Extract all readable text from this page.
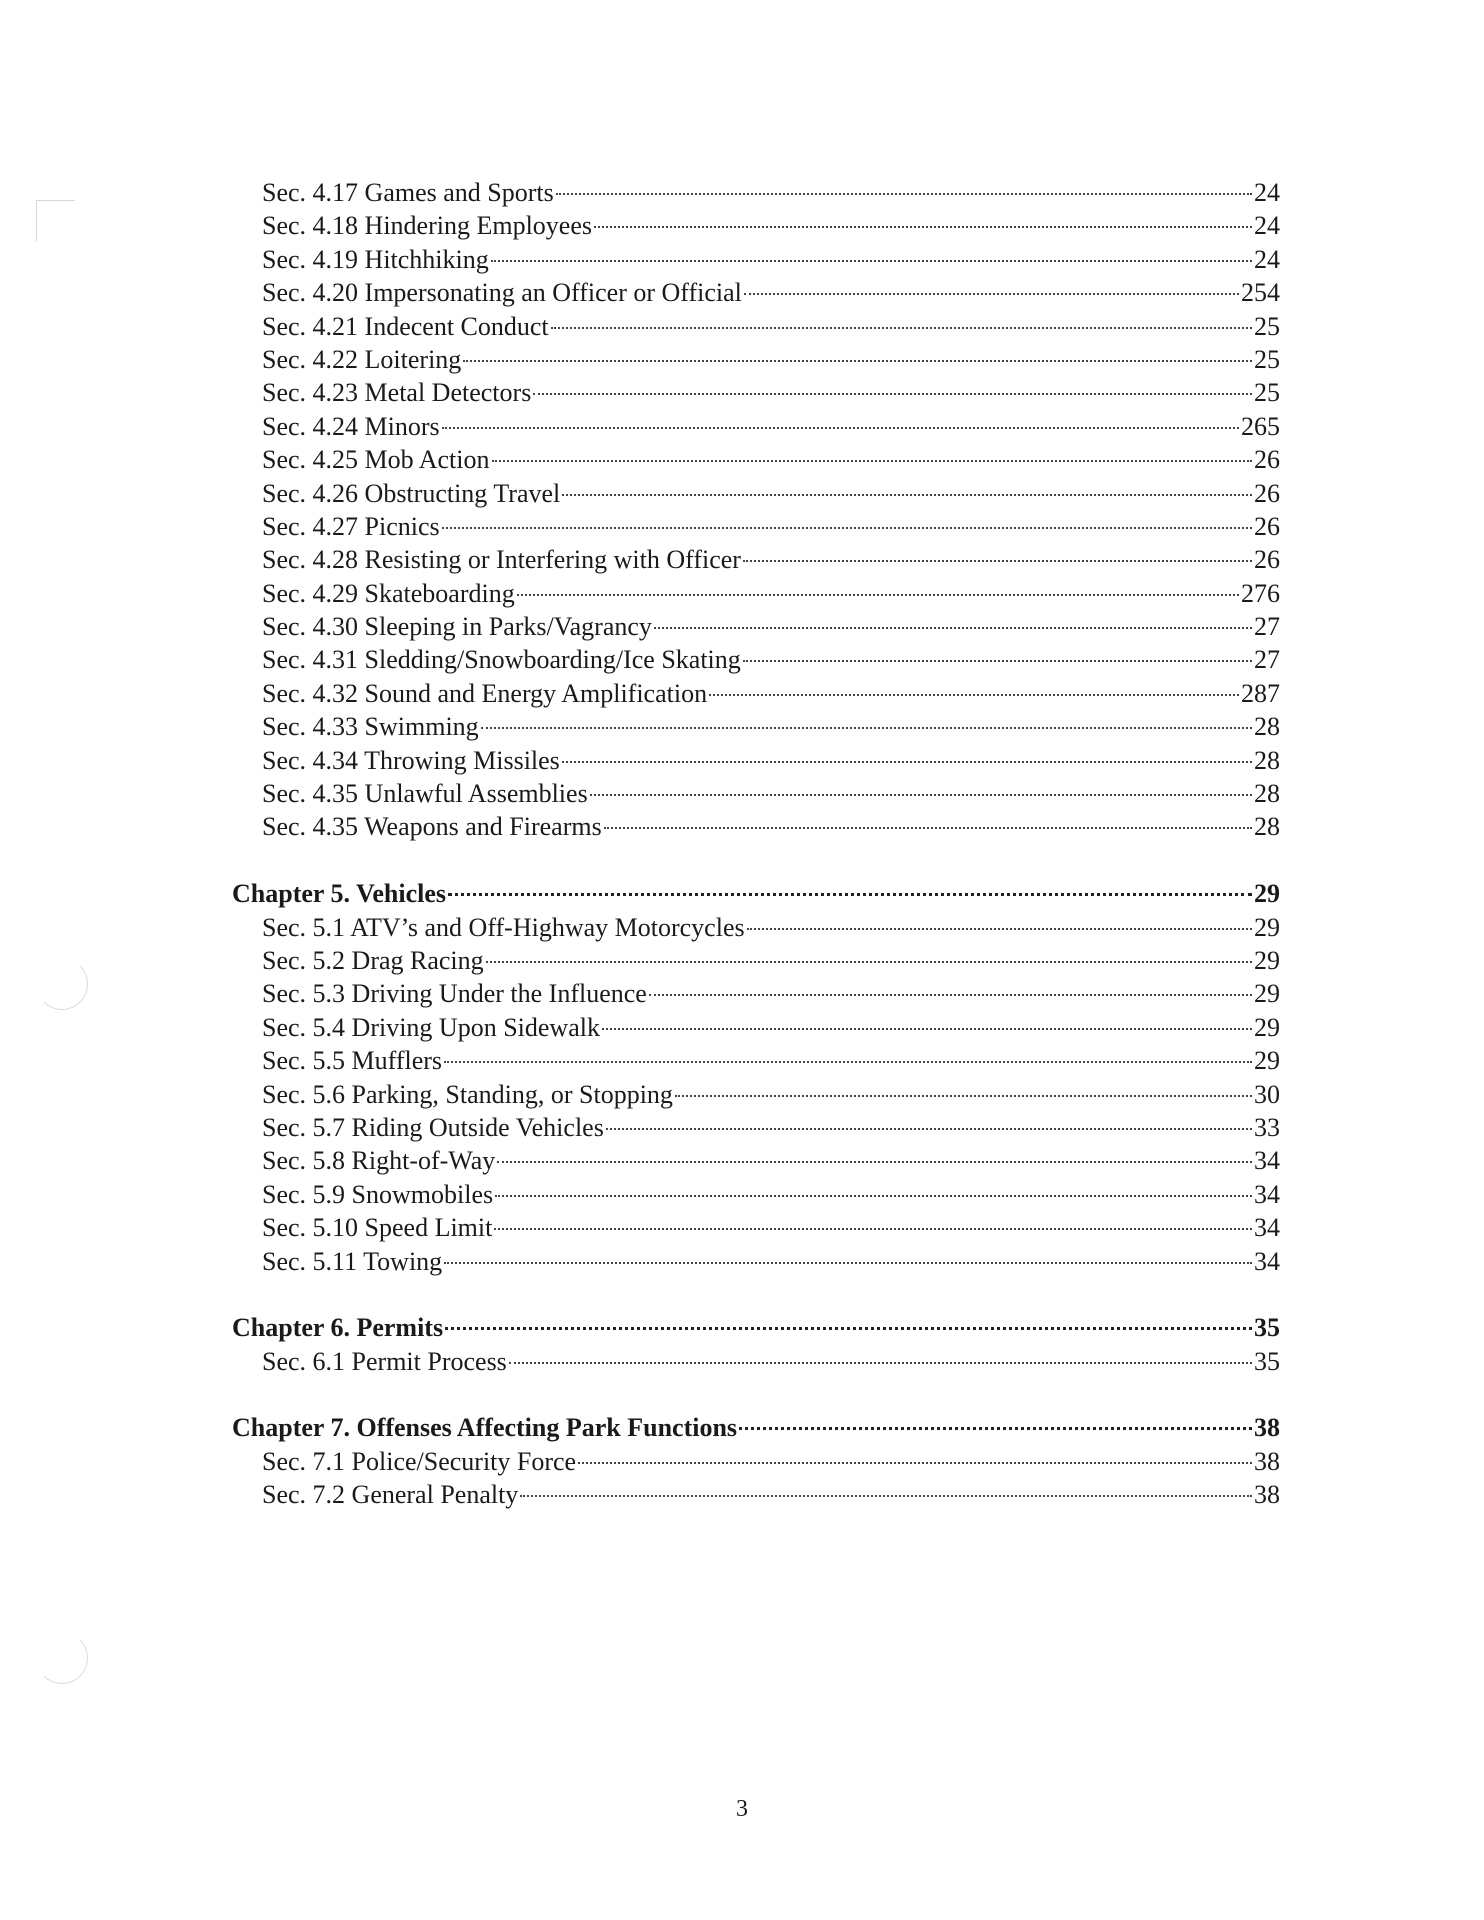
Sec. 4.17 Games and Sports	24
Sec. 4.18 Hindering Employees	24
Sec. 4.19 Hitchhiking	24
Sec. 4.20 Impersonating an Officer or Official	254
Sec. 4.21 Indecent Conduct	25
Sec. 4.22 Loitering	25
Sec. 4.23 Metal Detectors	25
Sec. 4.24 Minors	265
Sec. 4.25 Mob Action	26
Sec. 4.26 Obstructing Travel	26
Sec. 4.27 Picnics	26
Sec. 4.28 Resisting or Interfering with Officer	26
Sec. 4.29 Skateboarding	276
Sec. 4.30 Sleeping in Parks/Vagrancy	27
Sec. 4.31 Sledding/Snowboarding/Ice Skating	27
Sec. 4.32 Sound and Energy Amplification	287
Sec. 4.33 Swimming	28
Sec. 4.34 Throwing Missiles	28
Sec. 4.35 Unlawful Assemblies	28
Sec. 4.35 Weapons and Firearms	28
Chapter 5. Vehicles	29
Sec. 5.1 ATV’s and Off-Highway Motorcycles	29
Sec. 5.2 Drag Racing	29
Sec. 5.3 Driving Under the Influence	29
Sec. 5.4 Driving Upon Sidewalk	29
Sec. 5.5 Mufflers	29
Sec. 5.6 Parking, Standing, or Stopping	30
Sec. 5.7 Riding Outside Vehicles	33
Sec. 5.8 Right-of-Way	34
Sec. 5.9 Snowmobiles	34
Sec. 5.10 Speed Limit	34
Sec. 5.11 Towing	34
Chapter 6. Permits	35
Sec. 6.1 Permit Process	35
Chapter 7. Offenses Affecting Park Functions	38
Sec. 7.1 Police/Security Force	38
Sec. 7.2 General Penalty	38
3
